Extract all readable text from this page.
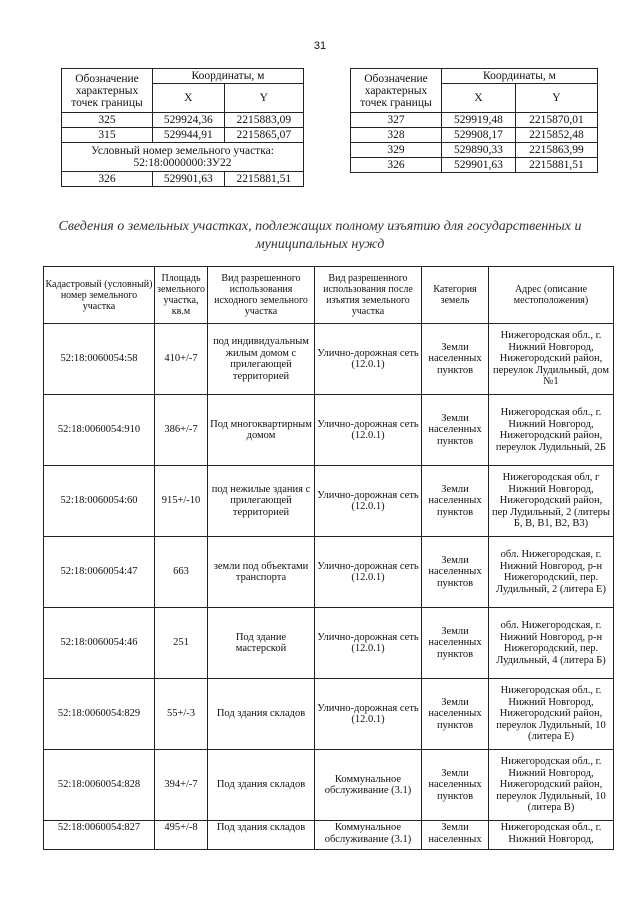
31
Обозначение характерных точек границы	Координаты, м	
	X	Y
325	529924,36	2215883,09
315	529944,91	2215865,07
Условный номер земельного участка: 52:18:0000000:ЗУ22		
326	529901,63	2215881,51
Обозначение характерных точек границы	Координаты, м	
	X	Y
327	529919,48	2215870,01
328	529908,17	2215852,48
329	529890,33	2215863,99
326	529901,63	2215881,51
Сведения о земельных участках, подлежащих полному изъятию для государственных и муниципальных нужд
Кадастровый (условный) номер земельного участка	Площадь земельного участка, кв.м	Вид разрешенного использования исходного земельного участка	Вид разрешенного использования после изъятия земельного участка	Категория земель	Адрес (описание местоположения)
52:18:0060054:58	410+/-7	под индивидуальным жилым домом с прилегающей территорией	Улично-дорожная сеть (12.0.1)	Земли населенных пунктов	Нижегородская обл., г. Нижний Новгород, Нижегородский район, переулок Лудильный, дом №1
52:18:0060054:910	386+/-7	Под многоквартирным домом	Улично-дорожная сеть (12.0.1)	Земли населенных пунктов	Нижегородская обл., г. Нижний Новгород, Нижегородский район, переулок Лудильный, 2Б
52:18:0060054:60	915+/-10	под нежилые здания с прилегающей территорией	Улично-дорожная сеть (12.0.1)	Земли населенных пунктов	Нижегородская обл, г Нижний Новгород, Нижегородский район, пер Лудильный, 2 (литеры Б, В, В1, В2, В3)
52:18:0060054:47	663	земли под объектами транспорта	Улично-дорожная сеть (12.0.1)	Земли населенных пунктов	обл. Нижегородская, г. Нижний Новгород, р-н Нижегородский, пер. Лудильный, 2 (литера Е)
52:18:0060054:46	251	Под здание мастерской	Улично-дорожная сеть (12.0.1)	Земли населенных пунктов	обл. Нижегородская, г. Нижний Новгород, р-н Нижегородский, пер. Лудильный, 4 (литера Б)
52:18:0060054:829	55+/-3	Под здания складов	Улично-дорожная сеть (12.0.1)	Земли населенных пунктов	Нижегородская обл., г. Нижний Новгород, Нижегородский район, переулок Лудильный, 10 (литера Е)
52:18:0060054:828	394+/-7	Под здания складов	Коммунальное обслуживание (3.1)	Земли населенных пунктов	Нижегородская обл., г. Нижний Новгород, Нижегородский район, переулок Лудильный, 10 (литера В)

52:18:0060054:827	495+/-8	Под здания складов	Коммунальное обслуживание (3.1)	Земли населенных	Нижегородская обл., г. Нижний Новгород,
